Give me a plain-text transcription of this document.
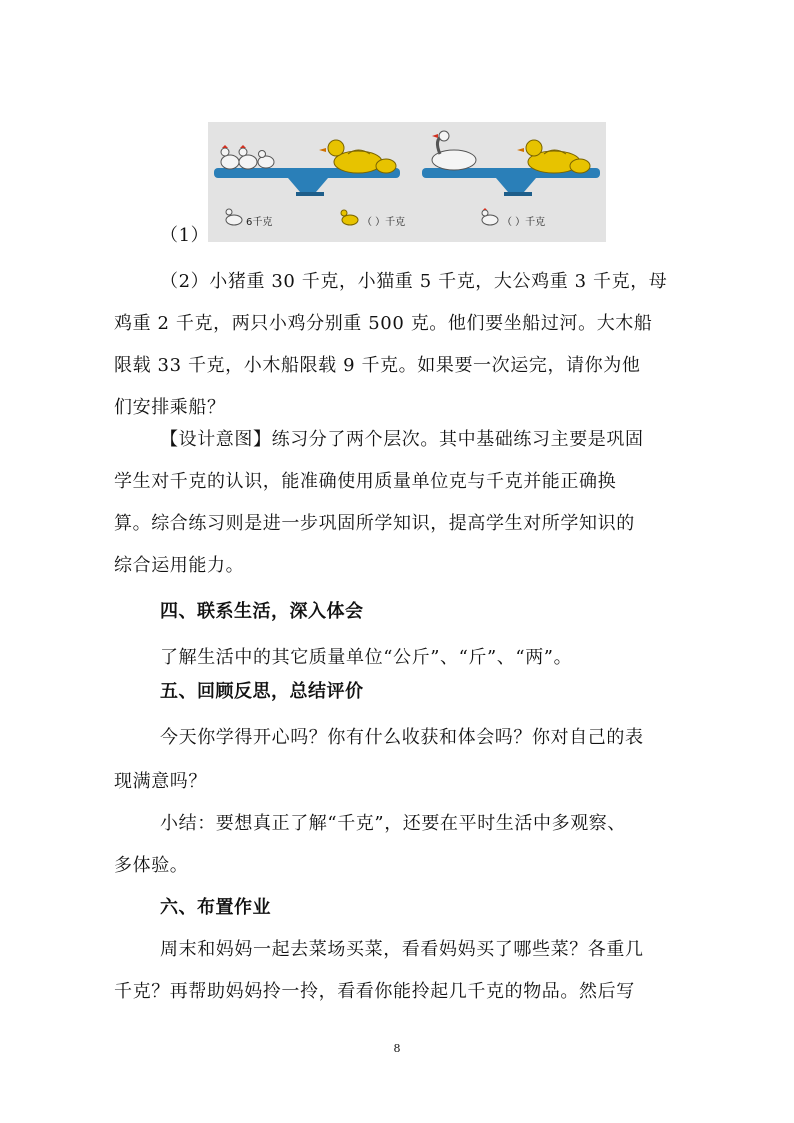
6千克	（ ）千克	（ ）千克
（1）
（2）小猪重 30 千克，小猫重 5 千克，大公鸡重 3 千克，母
鸡重 2 千克，两只小鸡分别重 500 克。他们要坐船过河。大木船
限载 33 千克，小木船限载 9 千克。如果要一次运完，请你为他
们安排乘船？
【设计意图】练习分了两个层次。其中基础练习主要是巩固
学生对千克的认识，能准确使用质量单位克与千克并能正确换
算。综合练习则是进一步巩固所学知识，提高学生对所学知识的
综合运用能力。
四、联系生活，深入体会
了解生活中的其它质量单位“公斤”、“斤”、“两”。
五、回顾反思，总结评价
今天你学得开心吗？你有什么收获和体会吗？你对自己的表
现满意吗？
小结：要想真正了解“千克”，还要在平时生活中多观察、
多体验。
六、布置作业
周末和妈妈一起去菜场买菜，看看妈妈买了哪些菜？各重几
千克？再帮助妈妈拎一拎，看看你能拎起几千克的物品。然后写
8
